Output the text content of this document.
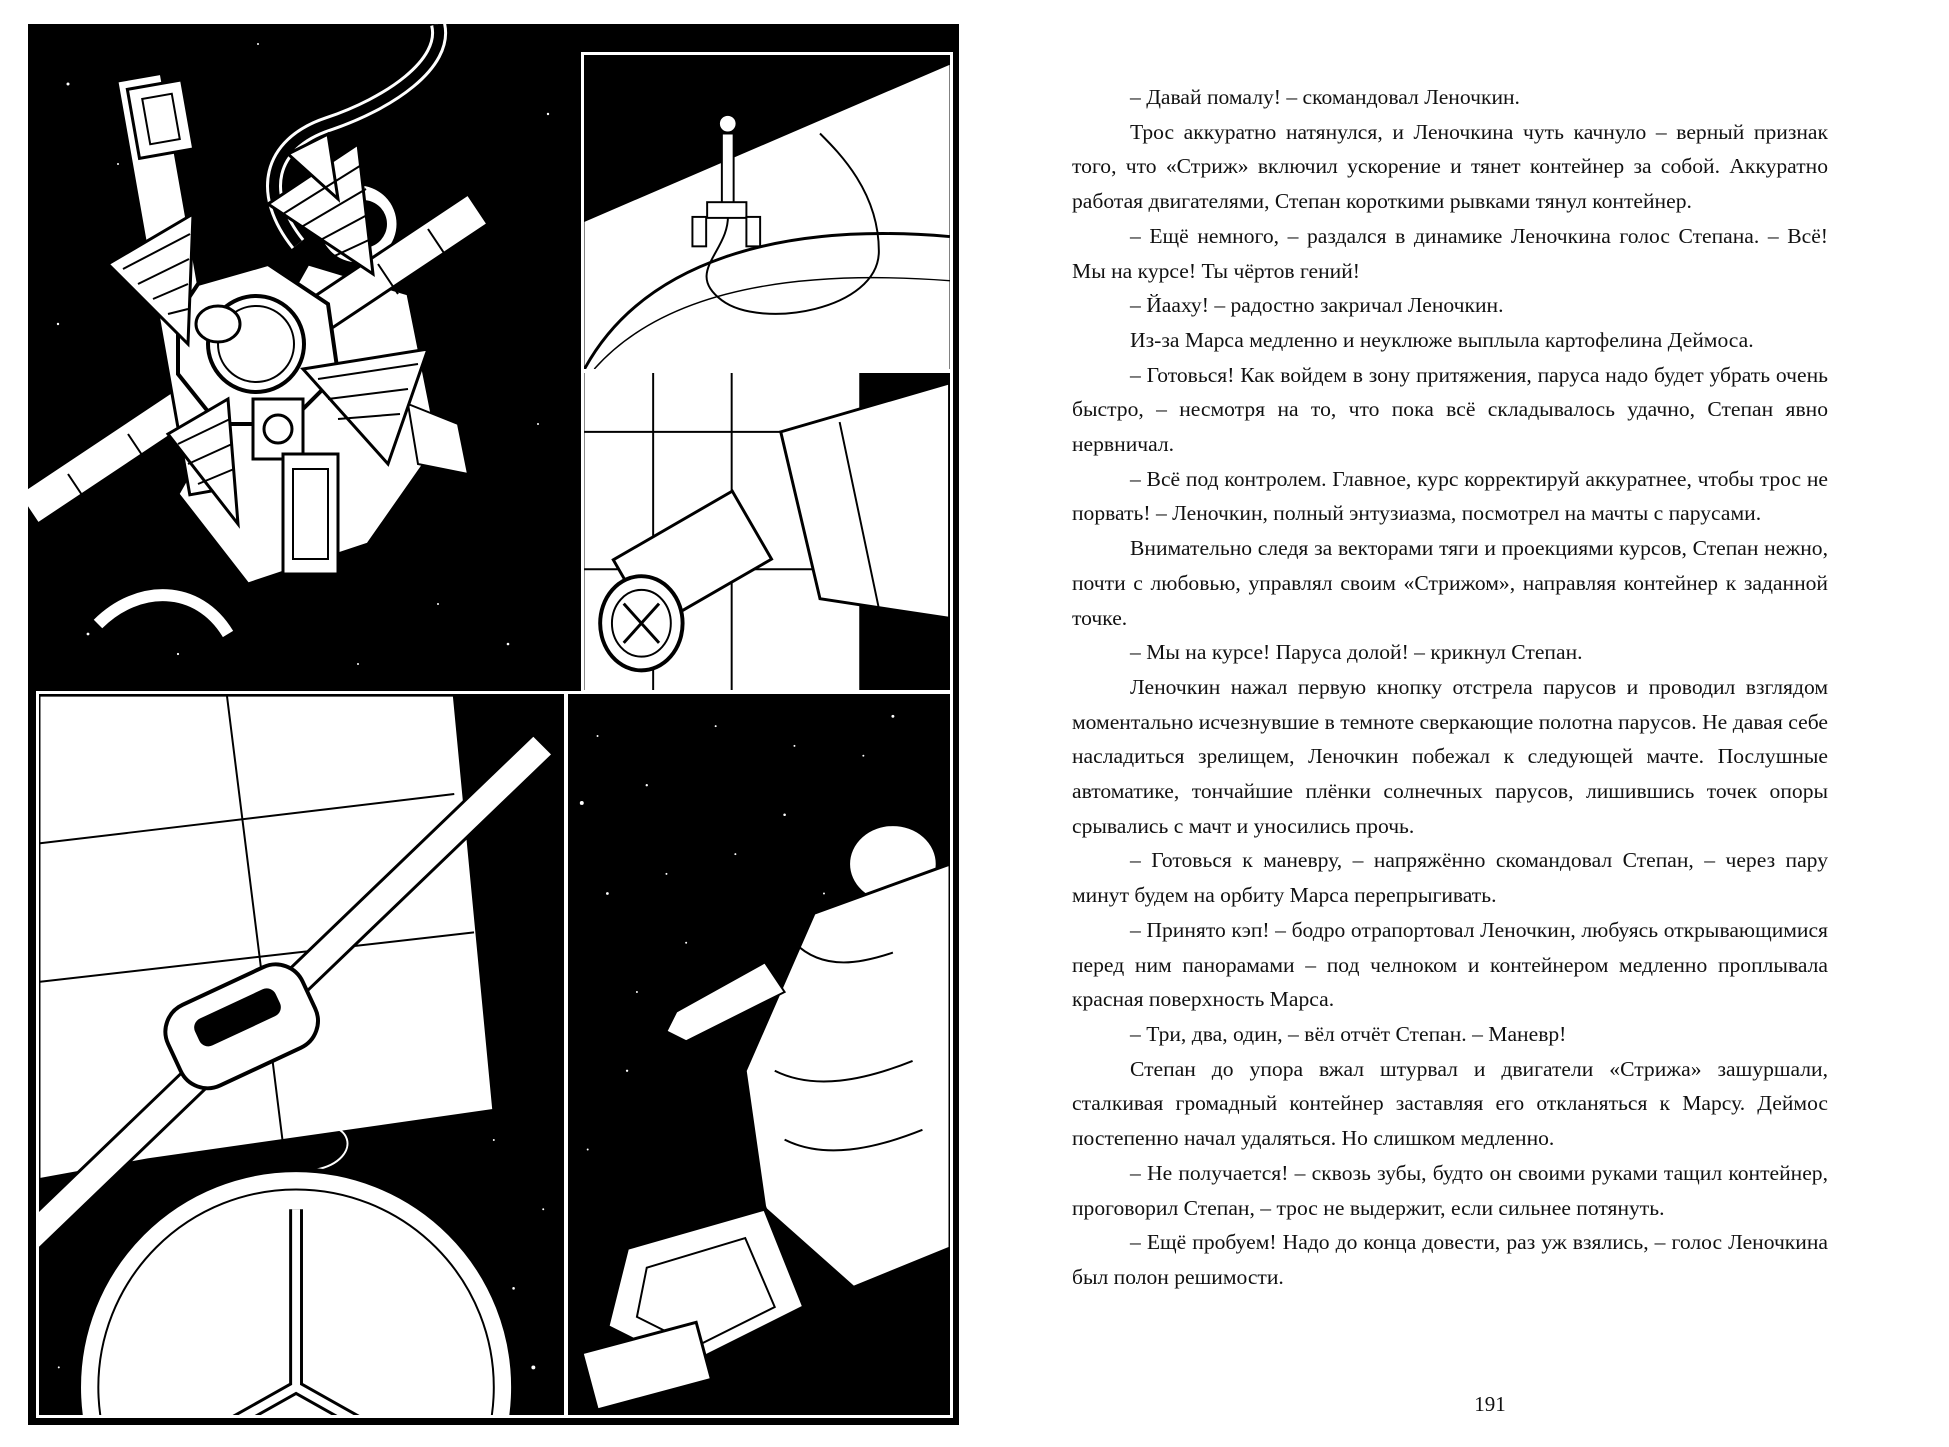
– Давай помалу! – скомандовал Леночкин.

Трос аккуратно натянулся, и Леночкина чуть качнуло – верный признак того, что «Стриж» включил ускорение и тянет контейнер за собой. Аккуратно работая двигателями, Степан короткими рывками тянул контейнер.

– Ещё немного, – раздался в динамике Леночкина голос Степана. – Всё! Мы на курсе! Ты чёртов гений!

– Йааху! – радостно закричал Леночкин.

Из-за Марса медленно и неуклюже выплыла картофелина Деймоса.

– Готовься! Как войдем в зону притяжения, паруса надо будет убрать очень быстро, – несмотря на то, что пока всё складывалось удачно, Степан явно нервничал.

– Всё под контролем. Главное, курс корректируй аккуратнее, чтобы трос не порвать! – Леночкин, полный энтузиазма, посмотрел на мачты с парусами.

Внимательно следя за векторами тяги и проекциями курсов, Степан нежно, почти с любовью, управлял своим «Стрижом», направляя контейнер к заданной точке.

– Мы на курсе! Паруса долой! – крикнул Степан.

Леночкин нажал первую кнопку отстрела парусов и проводил взглядом моментально исчезнувшие в темноте сверкающие полотна парусов. Не давая себе насладиться зрелищем, Леночкин побежал к следующей мачте. Послушные автоматике, тончайшие плёнки солнечных парусов, лишившись точек опоры срывались с мачт и уносились прочь.

– Готовься к маневру, – напряжённо скомандовал Степан, – через пару минут будем на орбиту Марса перепрыгивать.

– Принято кэп! – бодро отрапортовал Леночкин, любуясь открывающимися перед ним панорамами – под челноком и контейнером медленно проплывала красная поверхность Марса.

– Три, два, один, – вёл отчёт Степан. – Маневр!

Степан до упора вжал штурвал и двигатели «Стрижа» зашуршали, сталкивая громадный контейнер заставляя его откланяться к Марсу. Деймос постепенно начал удаляться. Но слишком медленно.

– Не получается! – сквозь зубы, будто он своими руками тащил контейнер, проговорил Степан, – трос не выдержит, если сильнее потянуть.

– Ещё пробуем! Надо до конца довести, раз уж взялись, – голос Леночкина был полон решимости.

191
